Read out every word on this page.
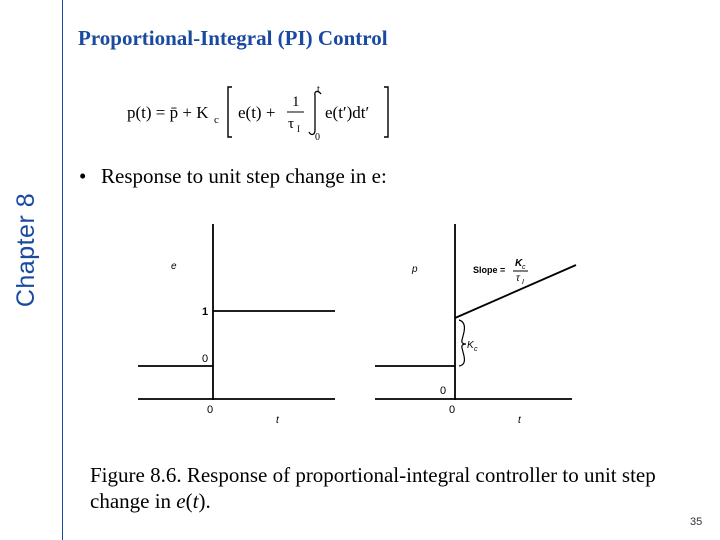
Chapter 8
Proportional-Integral (PI) Control
p(t) = p̄ + K c e(t) +
1
τ I
t
0
e(t′)dt′
• Response to unit step change in e:
e
1
0
0
t
p	Slope =
K c
τ I
K c
0
0
t
Figure 8.6. Response of proportional-integral controller to unit step change in e(t).
35
